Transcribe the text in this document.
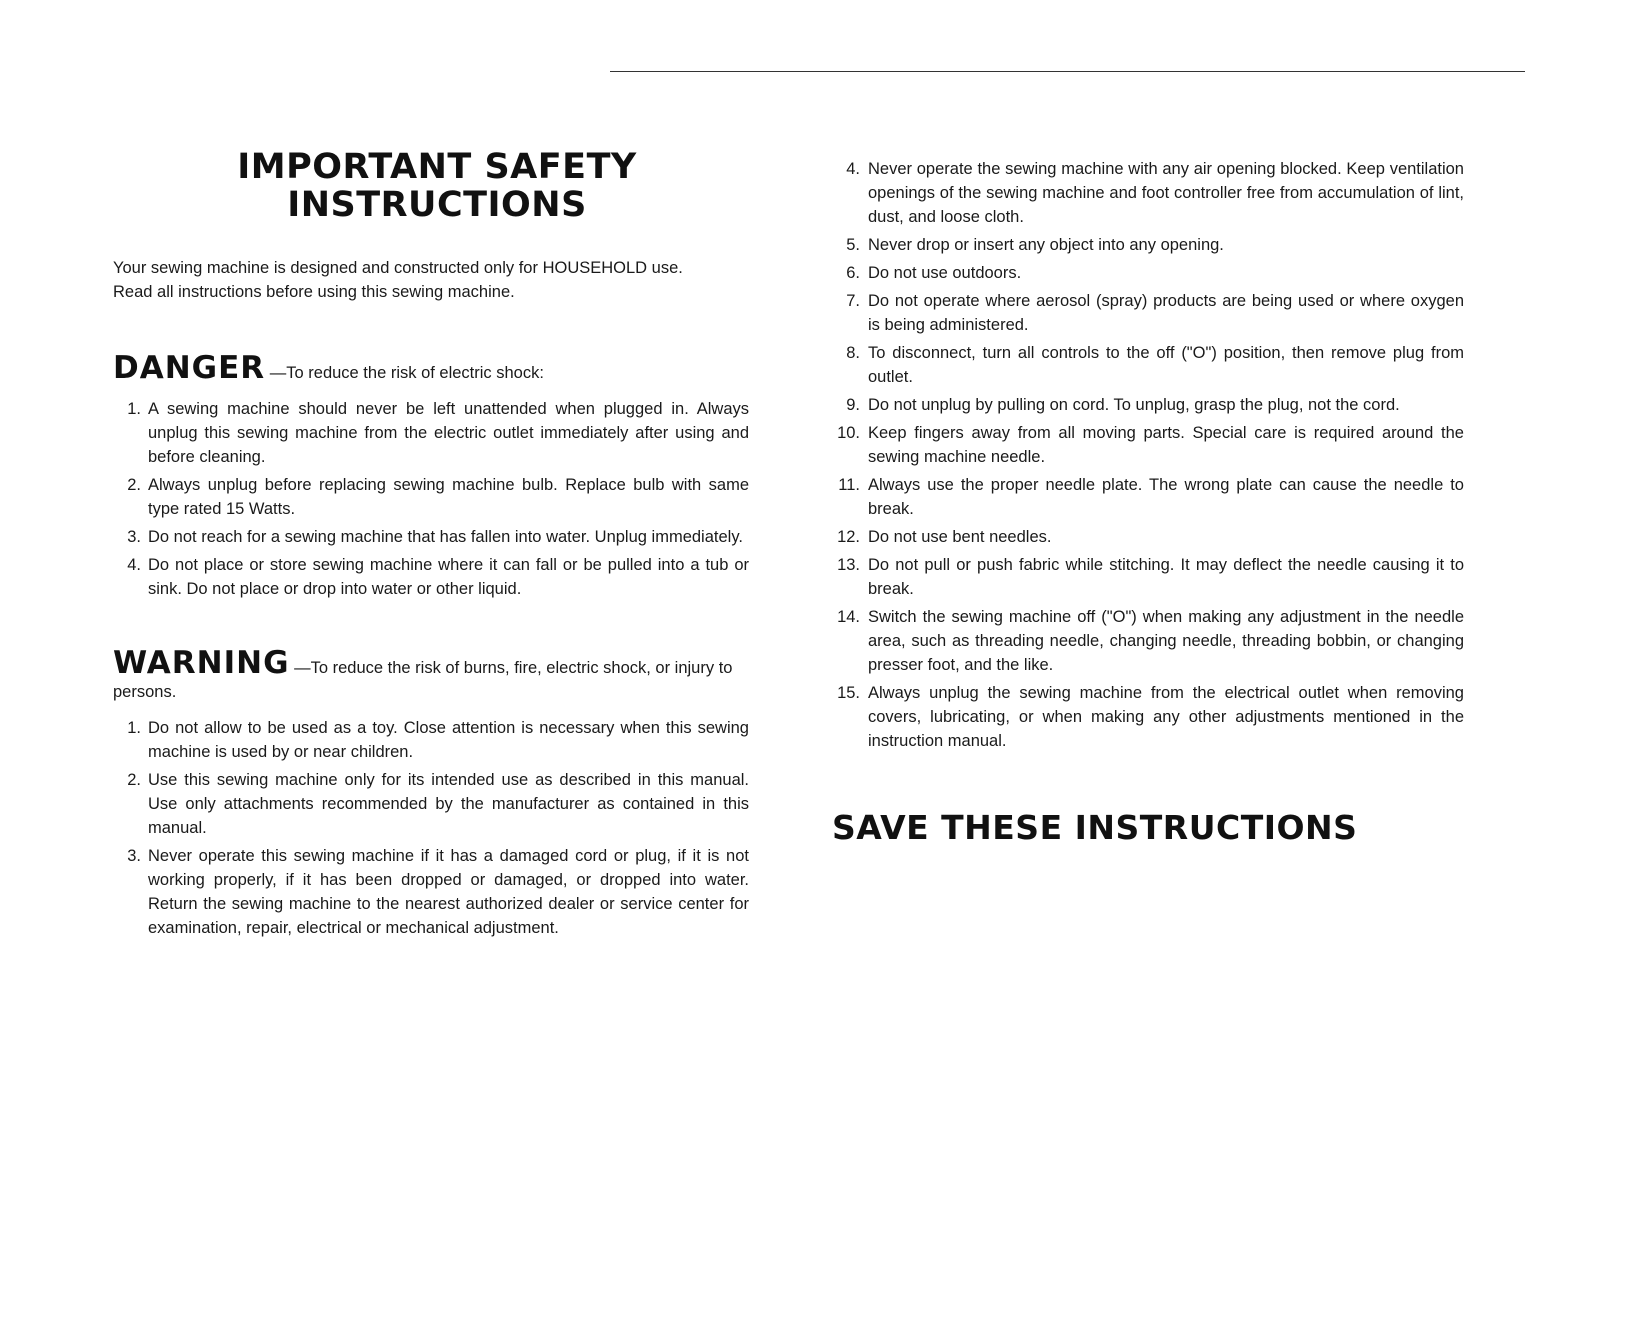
IMPORTANT SAFETY
INSTRUCTIONS
Your sewing machine is designed and constructed only for HOUSEHOLD use.
Read all instructions before using this sewing machine.
DANGER —To reduce the risk of electric shock:
1. A sewing machine should never be left unattended when plugged in. Always unplug this sewing machine from the electric outlet immediately after using and before cleaning.
2. Always unplug before replacing sewing machine bulb. Replace bulb with same type rated 15 Watts.
3. Do not reach for a sewing machine that has fallen into water. Unplug immediately.
4. Do not place or store sewing machine where it can fall or be pulled into a tub or sink. Do not place or drop into water or other liquid.
WARNING —To reduce the risk of burns, fire, electric shock, or injury to persons.
1. Do not allow to be used as a toy. Close attention is necessary when this sewing machine is used by or near children.
2. Use this sewing machine only for its intended use as described in this manual. Use only attachments recommended by the manufacturer as contained in this manual.
3. Never operate this sewing machine if it has a damaged cord or plug, if it is not working properly, if it has been dropped or damaged, or dropped into water. Return the sewing machine to the nearest authorized dealer or service center for examination, repair, electrical or mechanical adjustment.
4. Never operate the sewing machine with any air opening blocked. Keep ventilation openings of the sewing machine and foot controller free from accumulation of lint, dust, and loose cloth.
5. Never drop or insert any object into any opening.
6. Do not use outdoors.
7. Do not operate where aerosol (spray) products are being used or where oxygen is being administered.
8. To disconnect, turn all controls to the off ("O") position, then remove plug from outlet.
9. Do not unplug by pulling on cord. To unplug, grasp the plug, not the cord.
10. Keep fingers away from all moving parts. Special care is required around the sewing machine needle.
11. Always use the proper needle plate. The wrong plate can cause the needle to break.
12. Do not use bent needles.
13. Do not pull or push fabric while stitching. It may deflect the needle causing it to break.
14. Switch the sewing machine off ("O") when making any adjustment in the needle area, such as threading needle, changing needle, threading bobbin, or changing presser foot, and the like.
15. Always unplug the sewing machine from the electrical outlet when removing covers, lubricating, or when making any other adjustments mentioned in the instruction manual.
SAVE THESE INSTRUCTIONS
